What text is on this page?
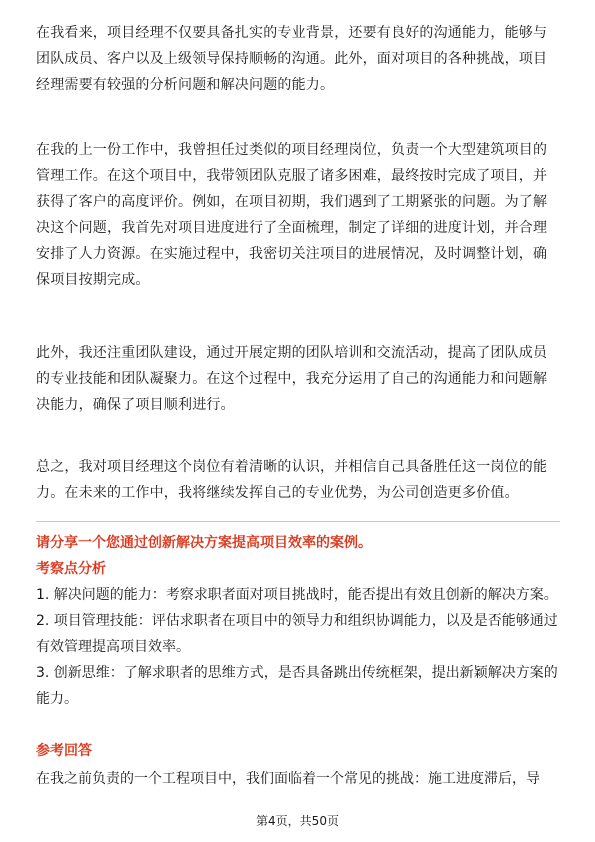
在我看来，项目经理不仅要具备扎实的专业背景，还要有良好的沟通能力，能够与团队成员、客户以及上级领导保持顺畅的沟通。此外，面对项目的各种挑战，项目经理需要有较强的分析问题和解决问题的能力。

在我的上一份工作中，我曾担任过类似的项目经理岗位，负责一个大型建筑项目的管理工作。在这个项目中，我带领团队克服了诸多困难，最终按时完成了项目，并获得了客户的高度评价。例如，在项目初期，我们遇到了工期紧张的问题。为了解决这个问题，我首先对项目进度进行了全面梳理，制定了详细的进度计划，并合理安排了人力资源。在实施过程中，我密切关注项目的进展情况，及时调整计划，确保项目按期完成。

此外，我还注重团队建设，通过开展定期的团队培训和交流活动，提高了团队成员的专业技能和团队凝聚力。在这个过程中，我充分运用了自己的沟通能力和问题解决能力，确保了项目顺利进行。

总之，我对项目经理这个岗位有着清晰的认识，并相信自己具备胜任这一岗位的能力。在未来的工作中，我将继续发挥自己的专业优势，为公司创造更多价值。

请分享一个您通过创新解决方案提高项目效率的案例。

考察点分析

1. 解决问题的能力：考察求职者面对项目挑战时，能否提出有效且创新的解决方案。
2. 项目管理技能：评估求职者在项目中的领导力和组织协调能力，以及是否能够通过有效管理提高项目效率。
3. 创新思维：了解求职者的思维方式，是否具备跳出传统框架，提出新颖解决方案的能力。

参考回答

在我之前负责的一个工程项目中，我们面临着一个常见的挑战：施工进度滞后，导

第4页，共50页
